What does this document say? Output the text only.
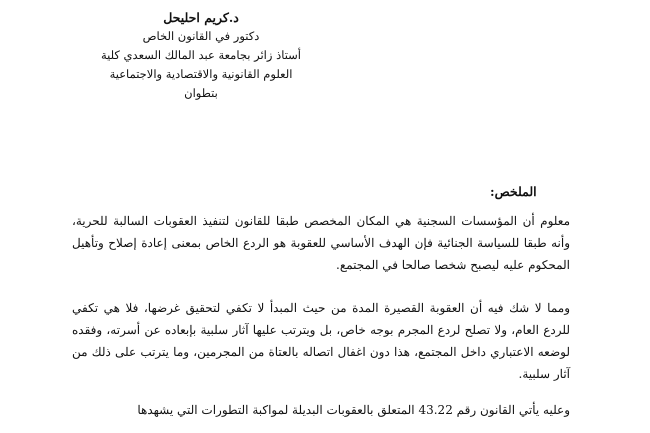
د.كريم احليحل
دكتور في القانون الخاص
أستاذ زائر بجامعة عبد المالك السعدي كلية
العلوم القانونية والاقتصادية والاجتماعية
بتطوان
الملخص:

معلوم أن المؤسسات السجنية هي المكان المخصص طبقا للقانون لتنفيذ العقوبات السالبة للحرية، وأنه طبقا للسياسة الجنائية فإن الهدف الأساسي للعقوبة هو الردع الخاص بمعنى إعادة إصلاح وتأهيل المحكوم عليه ليصبح شخصا صالحا في المجتمع.

ومما لا شك فيه أن العقوبة القصيرة المدة من حيث المبدأ لا تكفي لتحقيق غرضها، فلا هي تكفي للردع العام، ولا تصلح لردع المجرم بوجه خاص، بل ويترتب عليها آثار سلبية بإبعاده عن أسرته، وفقده لوضعه الاعتباري داخل المجتمع، هذا دون اغفال اتصاله بالعتاة من المجرمين، وما يترتب على ذلك من آثار سلبية.

وعليه يأتي القانون رقم 43.22 المتعلق بالعقوبات البديلة لمواكبة التطورات التي يشهدها
